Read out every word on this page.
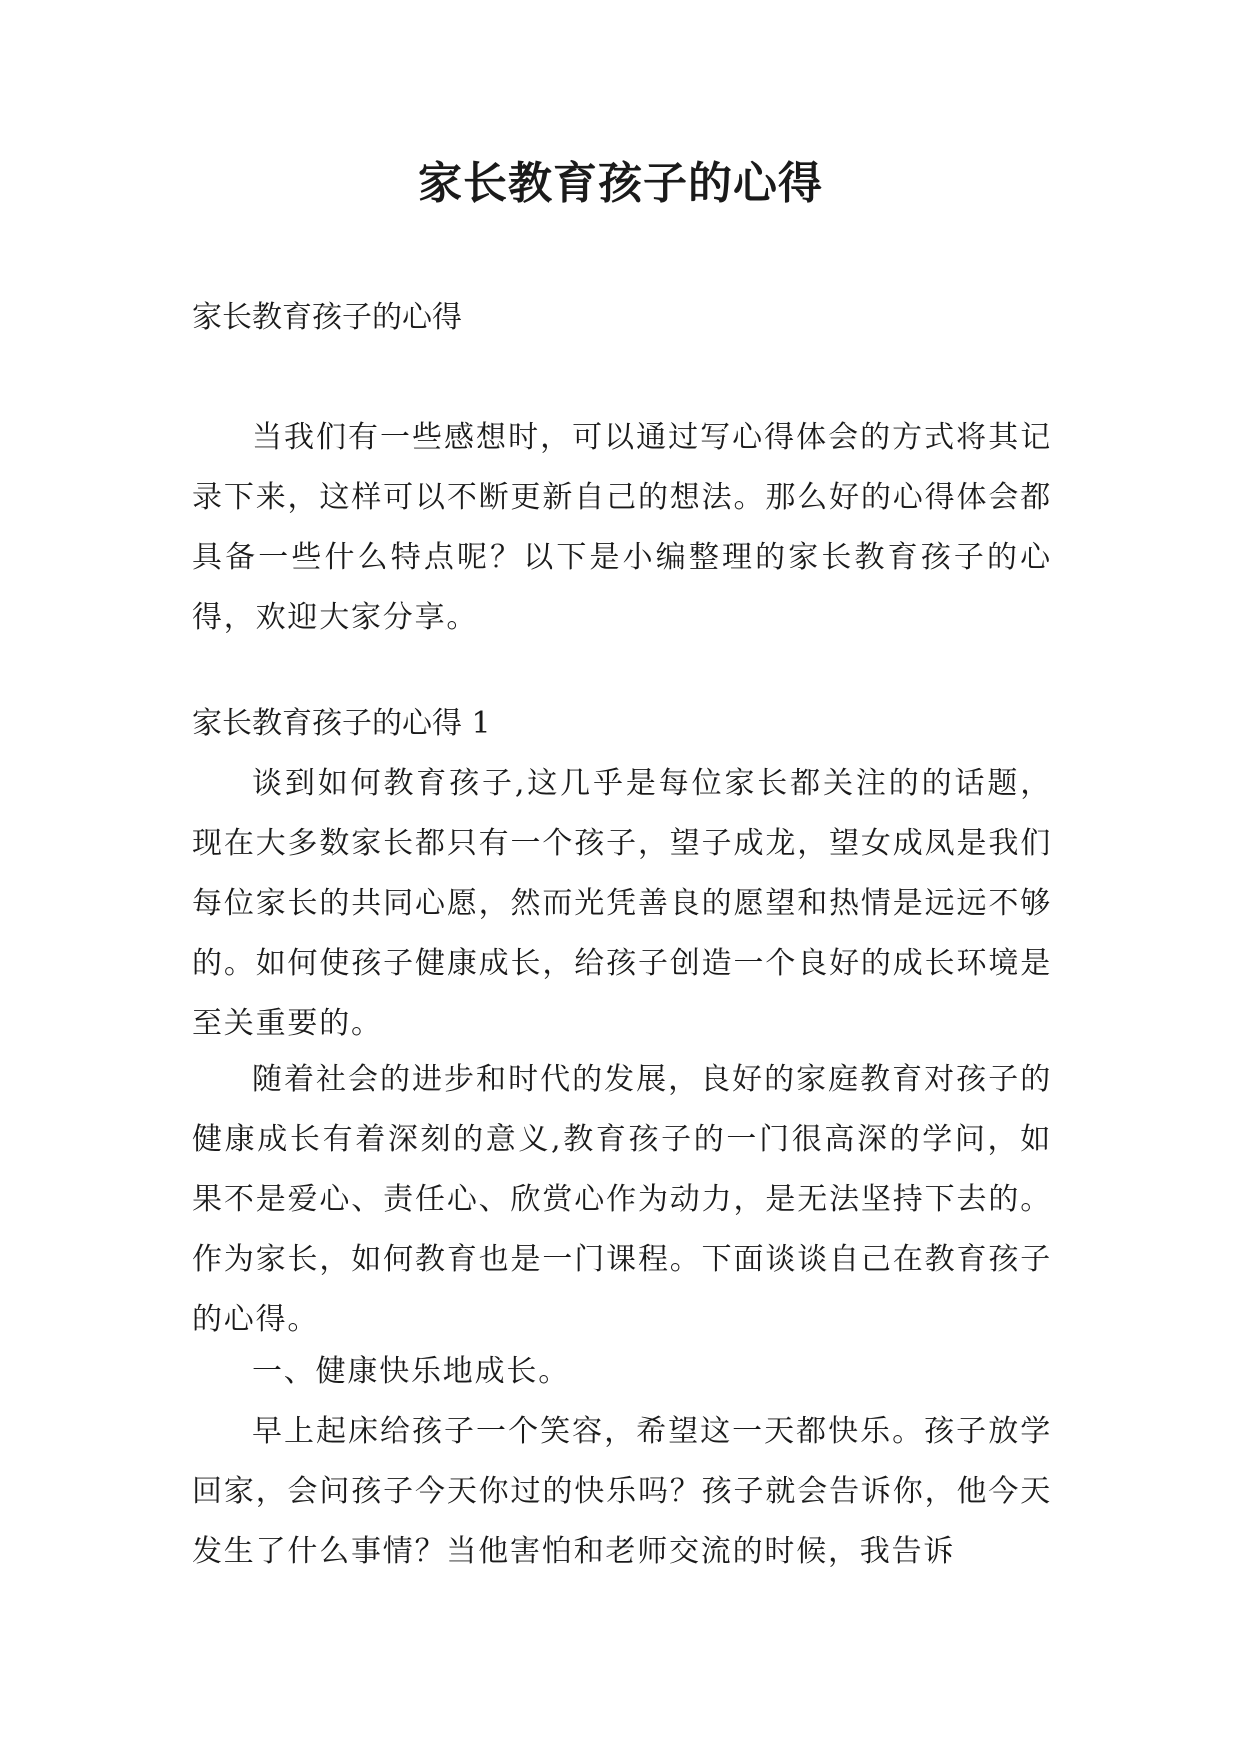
家长教育孩子的心得
家长教育孩子的心得
当我们有一些感想时，可以通过写心得体会的方式将其记录下来，这样可以不断更新自己的想法。那么好的心得体会都具备一些什么特点呢？以下是小编整理的家长教育孩子的心得，欢迎大家分享。
家长教育孩子的心得 1
谈到如何教育孩子,这几乎是每位家长都关注的的话题，现在大多数家长都只有一个孩子，望子成龙，望女成凤是我们每位家长的共同心愿，然而光凭善良的愿望和热情是远远不够的。如何使孩子健康成长，给孩子创造一个良好的成长环境是至关重要的。
随着社会的进步和时代的发展，良好的家庭教育对孩子的健康成长有着深刻的意义,教育孩子的一门很高深的学问，如果不是爱心、责任心、欣赏心作为动力，是无法坚持下去的。作为家长，如何教育也是一门课程。下面谈谈自己在教育孩子的心得。
一、健康快乐地成长。
早上起床给孩子一个笑容，希望这一天都快乐。孩子放学回家，会问孩子今天你过的快乐吗？孩子就会告诉你，他今天发生了什么事情？当他害怕和老师交流的时候，我告诉
